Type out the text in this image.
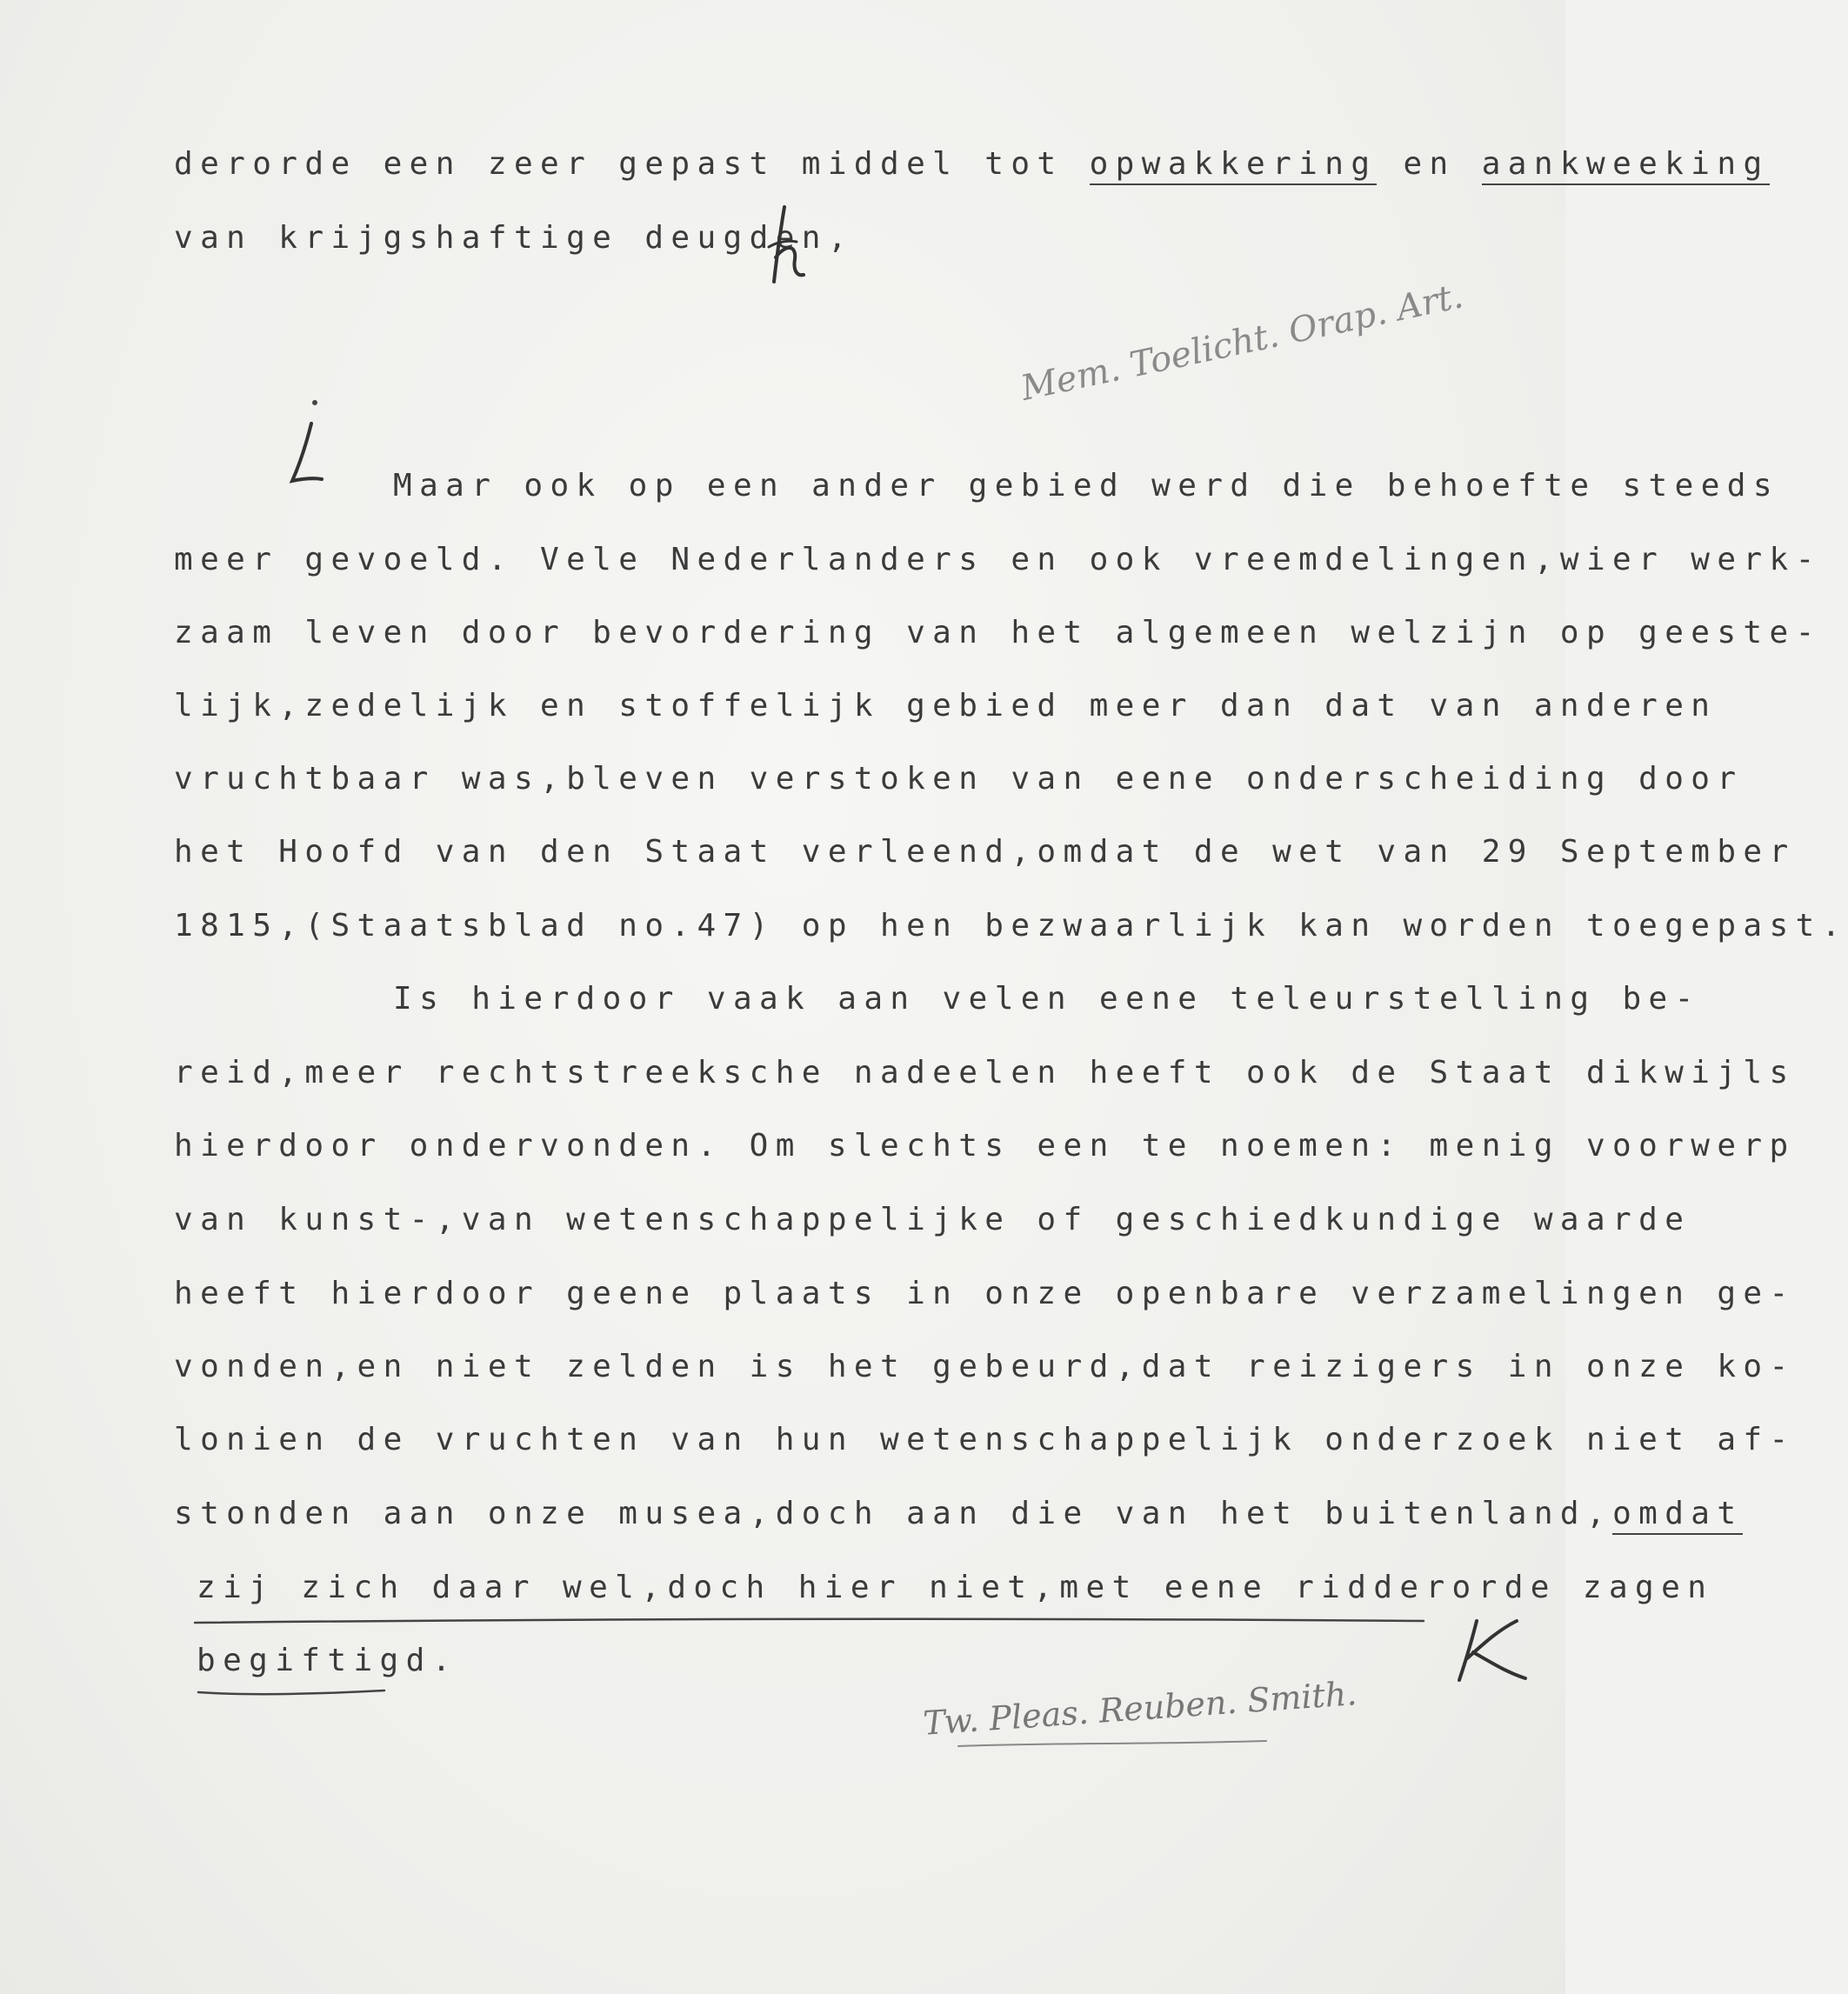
derorde een zeer gepast middel tot opwakkering en aankweeking
van krijgshaftige deugden,
Mem. Toelicht. Orap. Art.
Maar ook op een ander gebied werd die behoefte steeds
meer gevoeld. Vele Nederlanders en ook vreemdelingen,wier werk-
zaam leven door bevordering van het algemeen welzijn op geeste-
lijk,zedelijk en stoffelijk gebied meer dan dat van anderen
vruchtbaar was,bleven verstoken van eene onderscheiding door
het Hoofd van den Staat verleend,omdat de wet van 29 September
1815,(Staatsblad no.47) op hen bezwaarlijk kan worden toegepast.
Is hierdoor vaak aan velen eene teleurstelling be-
reid,meer rechtstreeksche nadeelen heeft ook de Staat dikwijls
hierdoor ondervonden. Om slechts een te noemen: menig voorwerp
van kunst-,van wetenschappelijke of geschiedkundige waarde
heeft hierdoor geene plaats in onze openbare verzamelingen ge-
vonden,en niet zelden is het gebeurd,dat reizigers in onze ko-
lonien de vruchten van hun wetenschappelijk onderzoek niet af-
stonden aan onze musea,doch aan die van het buitenland,omdat
zij zich daar wel,doch hier niet,met eene ridderorde zagen
begiftigd.
Tw. Pleas. Reuben. Smith.
